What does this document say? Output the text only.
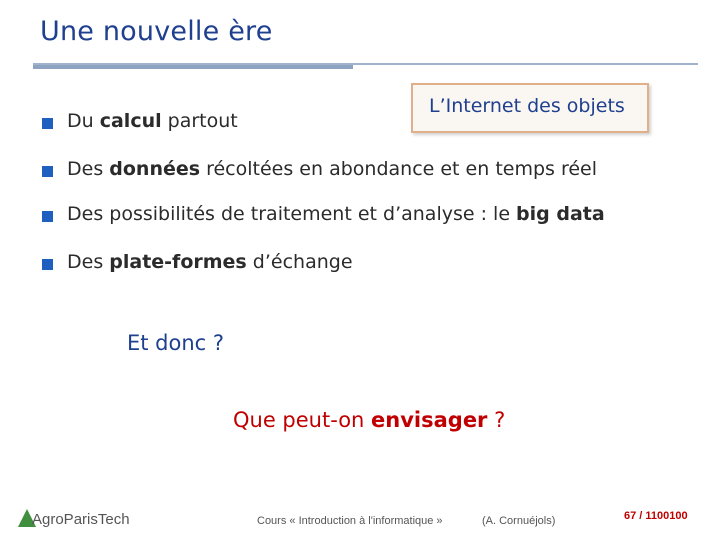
Une nouvelle ère
L’Internet des objets
Du calcul partout
Des données récoltées en abondance et en temps réel
Des possibilités de traitement et d’analyse : le big data
Des plate-formes d’échange
Et donc ?
Que peut-on envisager ?
AgroParisTech	Cours « Introduction à l'informatique »	(A. Cornuéjols)	67 / 1100100
